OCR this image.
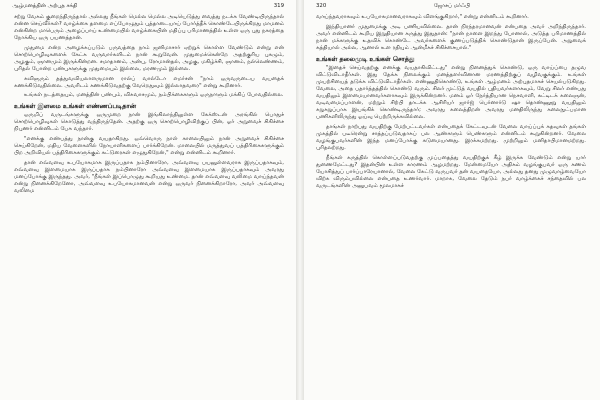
ஆழ்மனத்தின் அற்புத சக்தி	319

சற்று வேகம் குறைந்திருந்தால் அல்லது நீங்கள் மெல்ல மெல்ல அடியெடுத்து வைத்து நடக்க வேண்டியிருந்தால் என்ன செய்வீர்கள்? வாழ்க்கை தளமை எப்போழுதும் புத்தாடையாய் போர்த்தீக் கொண்டேயிருக்கிறது மாமனம் என்கின்ற மாபெரும் அழைப்பாய் உண்மையில் வாழ்க்கையின் மதிப்பு பரிமாணத்தில் உள்ள ஒரு புது நகரத்தை நோக்கிய ஒரு பயணத்தான்.

முதுமை என்ற அழைக்கப்படும் பருவத்தை நாம் ஜனிமாசார் ஏற்றுக் கொள்ள வேண்டும் என்று என் சொற்பொழிவுகளைக் கேட்க வருவார்களிடம் நான் கூறுவேன். முதுமைக்கென்றே அதற்குரிய புகழும், அழகும், ஞானமும் இருக்கின்றன. சமாதானம், அன்பு, ரோமான்தல், அழகு, மகிழ்ச்சி, ஞானம், நல்லெண்ணம், புரிதல் போன்ற பண்புகளுக்கு முதுமையும் இல்லை, மரணமும் இல்லை.

கவிஞரும் தத்துவவியலாளருமான ரால்ப் வால்டோ எமர்சன் "நாம் ஒருவருடைய வயதைக் கணக்கிடுவதில்லை. அவரிடம் கணக்கிடுவதற்கு வேறெதுவும் இல்லாதவரை" என்று கூறினார்.

உங்கள் நடத்தையும், மனத்தின் பண்பும், விசுவாசமும், நம்பிக்கைகளும் ஒருநாளும் மக்கிப் போவதில்லை.

உங்கள் இளமை உங்கள் எண்ணப்படிதான்

ஒருமிப் வருடங்களுக்கு ஒருமுறை நான் இங்கிலாந்திலுள்ள கேக்ஸ்டன் அரங்கில் பொதுச் சொற்பொழிவுகள் கொடுத்து வந்திருந்தேன். அதற்கு ஒரு சொற்பொழிவிற்குப் பின், ஓர் அறுவைச் சிகிச்சை நிபுணர் என்னிடம் பேசு வந்தார்.

"எனக்கு எண்பத்து நான்கு வயதாகிறது. ஒவ்வொரு நாள் காலையிலும் நான் அறுவைச் சிகிச்சை செய்கிறேன், மதிய வேளைகளில் நோயாளிகளைப் பார்க்கிறேன். மாலையில் மருத்துவப் பத்திரிகைகளுக்கும் பிற அறிவியல் பத்திரிகைகளுக்கும் கட்டுரைகள் எழுதுகிறேன்," என்று என்னிடம் கூறினார்.

தான் எவ்வளவு உபயோகமாக இருப்பதாக நம்பினாரோ, அவ்வளவு பயனுள்ளவராக இருப்பதாகவும், எவ்வளவு இளமையாக இருப்பதாக நம்பினாரோ அவ்வளவு இளமையாக இருப்பதாகவும் அவரது மனப்போக்கு இருந்தது. அவர், "நீங்கள் இப்பொழுது கூறியது உண்மை. தான் எவ்வளவு வலிமை வாய்ந்தவன் என்று நினைக்கிறேனோ, அவ்வளவு உபயோகமானவன் என்று ஒருவர் நினைக்கிறாரோ, அவர் அவ்வளவு வலிமை

320	ஜோசப் மர்ஃபி

வாய்ந்தவராகவும் உபயோகமானவராகவும் விளங்குகிறார்," என்று என்னிடம் கூறினார்.

இந்தியானர் முதுமைக்கு அடி பணியவில்லை. தான் நிரந்தரமானவன் என்பதை அவர் அறிந்திருந்தார். அவர் என்னிடம் கூறிய இறுதியான கருத்து இதுதான்: "நான் நாளை இறந்து போனால், அடுத்த பரிமாணத்தில் நான் மக்களுக்கு உதவிக் கொண்டே அவர்களைக் குணப்படுத்திக் கொண்டுதான் இருப்பேன். அறுவைக் கத்தியால் அல்ல, ஆனால் உள ரதியும் ஆன்மீகச் சிகிச்சையால்."

உங்கள் தலைமுடி உங்கள் சொத்து

"இதைச் செய்வதற்கு எனக்கு வயதாகிவிட்டது" என்று நினைத்துக் கொண்டு, ஒரு வாய்ப்பை தழுவ விட்டுவிடாதீர்கள். இது தேக்க நிலைக்கும் மனத்தளர்வினான மரணத்திற்குப் வழிவகுக்கும். உங்கள் முயற்சியைத் தடுக்க விட்டுவிடாதீர்கள். எண்ணுதிகொண்டு, உங்கள் ஆழ்மனம் அற்புதமாகச் செயல்படுகிறது. வேலை, அதை பதார்த்தத்தில் கொண்டு வரும். சிலர் முட்டுத் வயதில் புதியவர்களாகவும், வேறு சிலர் எண்பது வயதிலும் இளமையானவர்களாகவும் இருக்கின்றனர். மனம் ஓர் நேர்த்தியான நெசவாளி, கட்டிடக் கலைஞன், வடிவமைப்பாளன், மற்றும் சிற்பி தாடக்க ஆசிரியர் ஜார்ஜ் பெர்னார்டு ஷா தொண்ணூறு வயதிலும் சுறுசுறுப்பாக இயங்கிக் கொண்டிருந்தார்; அவரது கலைத்திறன் அவரது மனதிலிருந்து கலைநுட்பமான பணிகளிலிருந்து ஓய்வு பெற்றிருக்கவில்லை.

தாங்கள் நாற்பது வயதிற்கு மேற்பட்டவர்கள் என்பதைக் கேட்டவுடன் வேலை வாய்ப்புக் கதவுகள் தங்கள் முகத்தில் படீரென்று சாத்தப்படுவதாகப் பல ஆண்களும் பெண்களும் என்னிடம் கூறுகின்றனர். வேலை வழங்குபவர்களின் இந்த மனப்போக்கு கடுமையானது. இரக்கமற்றது. முற்றிலும் மனிதாபிமானமற்றது. புரிதலற்றது.

நீங்கள் கருத்தில் கொள்ளப்படுவதற்கு முப்பதைத்து வயதிற்குக் கீழ் இருக்க வேண்டும் என்று யார் துணைமேட்டது? இதன்பின் உள்ள காரணம் ஆழமற்றது. மேன்மையோ அதிகம் வழங்குபவர் ஒரு கணம் யோசித்துப் பார்ப்பாரேயானால், வேலை கேட்டு வருபவர் தன் வயதையோ, அல்லது தனது முழுவாழ்வையோ விற்க விரும்பவில்லை என்பதை உணர்வார். மாறாக, வேலை தேடும் நபர் வாழ்க்கைச் சந்தைவில் பல வருடங்களின் அனுபவம் மூலமாகச்
